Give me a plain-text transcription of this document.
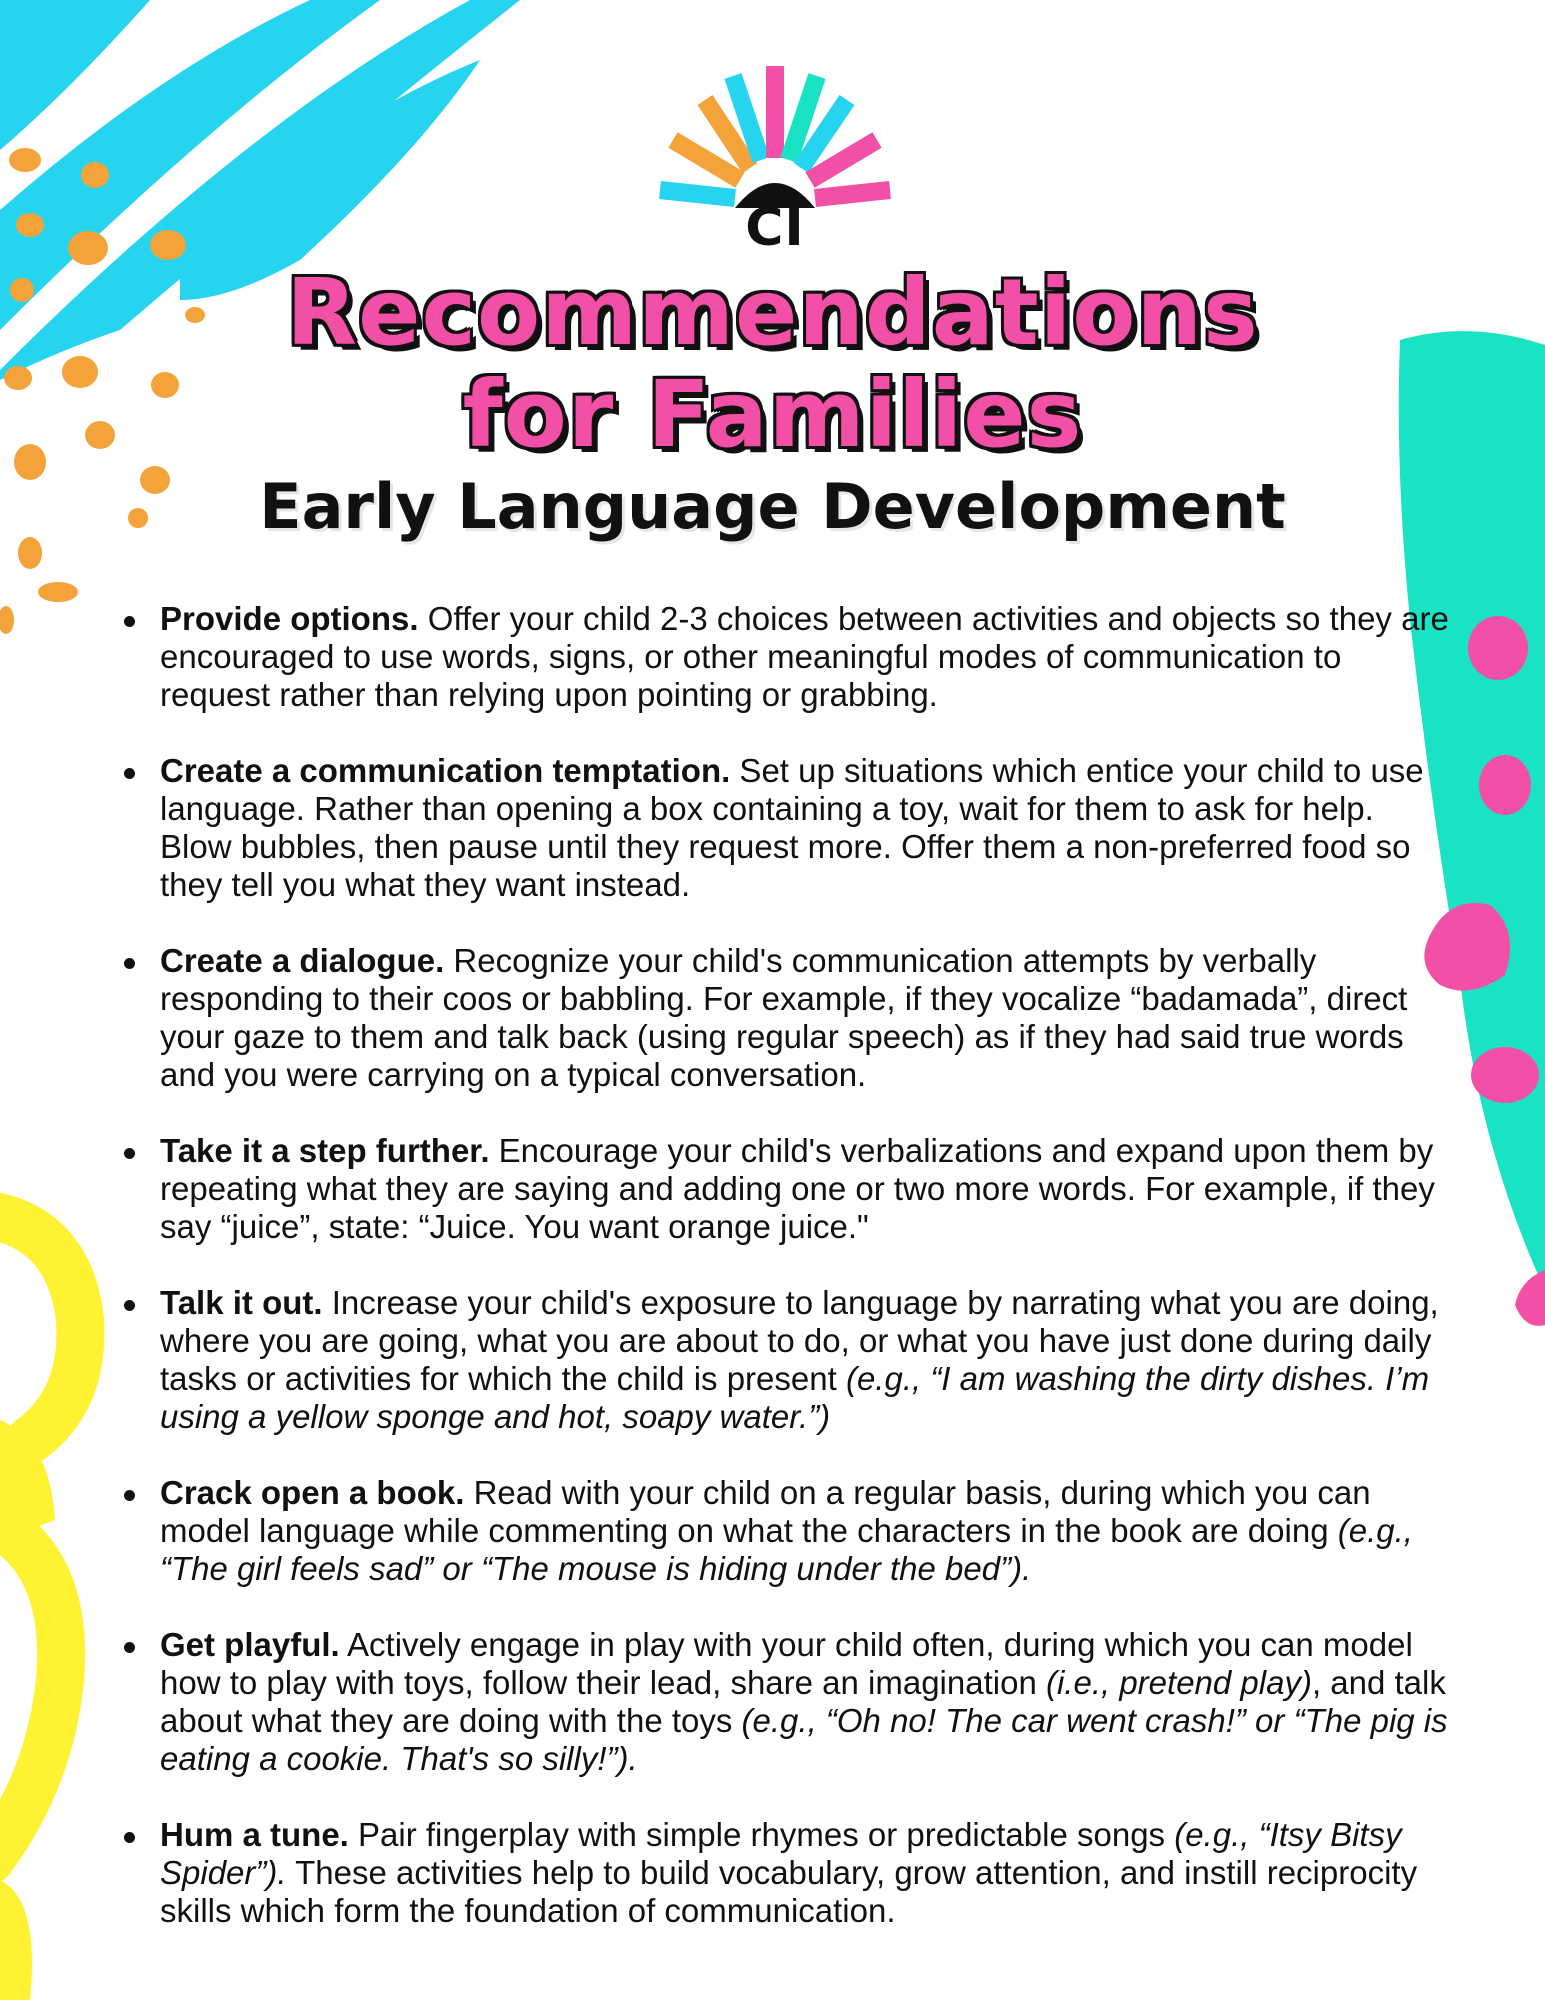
CI
Recommendations
for Families
Early Language Development
Provide options. Offer your child 2-3 choices between activities and objects so they are encouraged to use words, signs, or other meaningful modes of communication to request rather than relying upon pointing or grabbing.
Create a communication temptation. Set up situations which entice your child to use language. Rather than opening a box containing a toy, wait for them to ask for help. Blow bubbles, then pause until they request more. Offer them a non-preferred food so they tell you what they want instead.
Create a dialogue. Recognize your child's communication attempts by verbally responding to their coos or babbling. For example, if they vocalize “badamada”, direct your gaze to them and talk back (using regular speech) as if they had said true words and you were carrying on a typical conversation.
Take it a step further. Encourage your child's verbalizations and expand upon them by repeating what they are saying and adding one or two more words. For example, if they say “juice”, state: “Juice. You want orange juice."
Talk it out. Increase your child's exposure to language by narrating what you are doing, where you are going, what you are about to do, or what you have just done during daily tasks or activities for which the child is present (e.g., “I am washing the dirty dishes. I’m using a yellow sponge and hot, soapy water.”)
Crack open a book. Read with your child on a regular basis, during which you can model language while commenting on what the characters in the book are doing (e.g., “The girl feels sad” or “The mouse is hiding under the bed”).
Get playful. Actively engage in play with your child often, during which you can model how to play with toys, follow their lead, share an imagination (i.e., pretend play), and talk about what they are doing with the toys (e.g., “Oh no! The car went crash!” or “The pig is eating a cookie. That's so silly!”).
Hum a tune. Pair fingerplay with simple rhymes or predictable songs (e.g., “Itsy Bitsy Spider”). These activities help to build vocabulary, grow attention, and instill reciprocity skills which form the foundation of communication.
